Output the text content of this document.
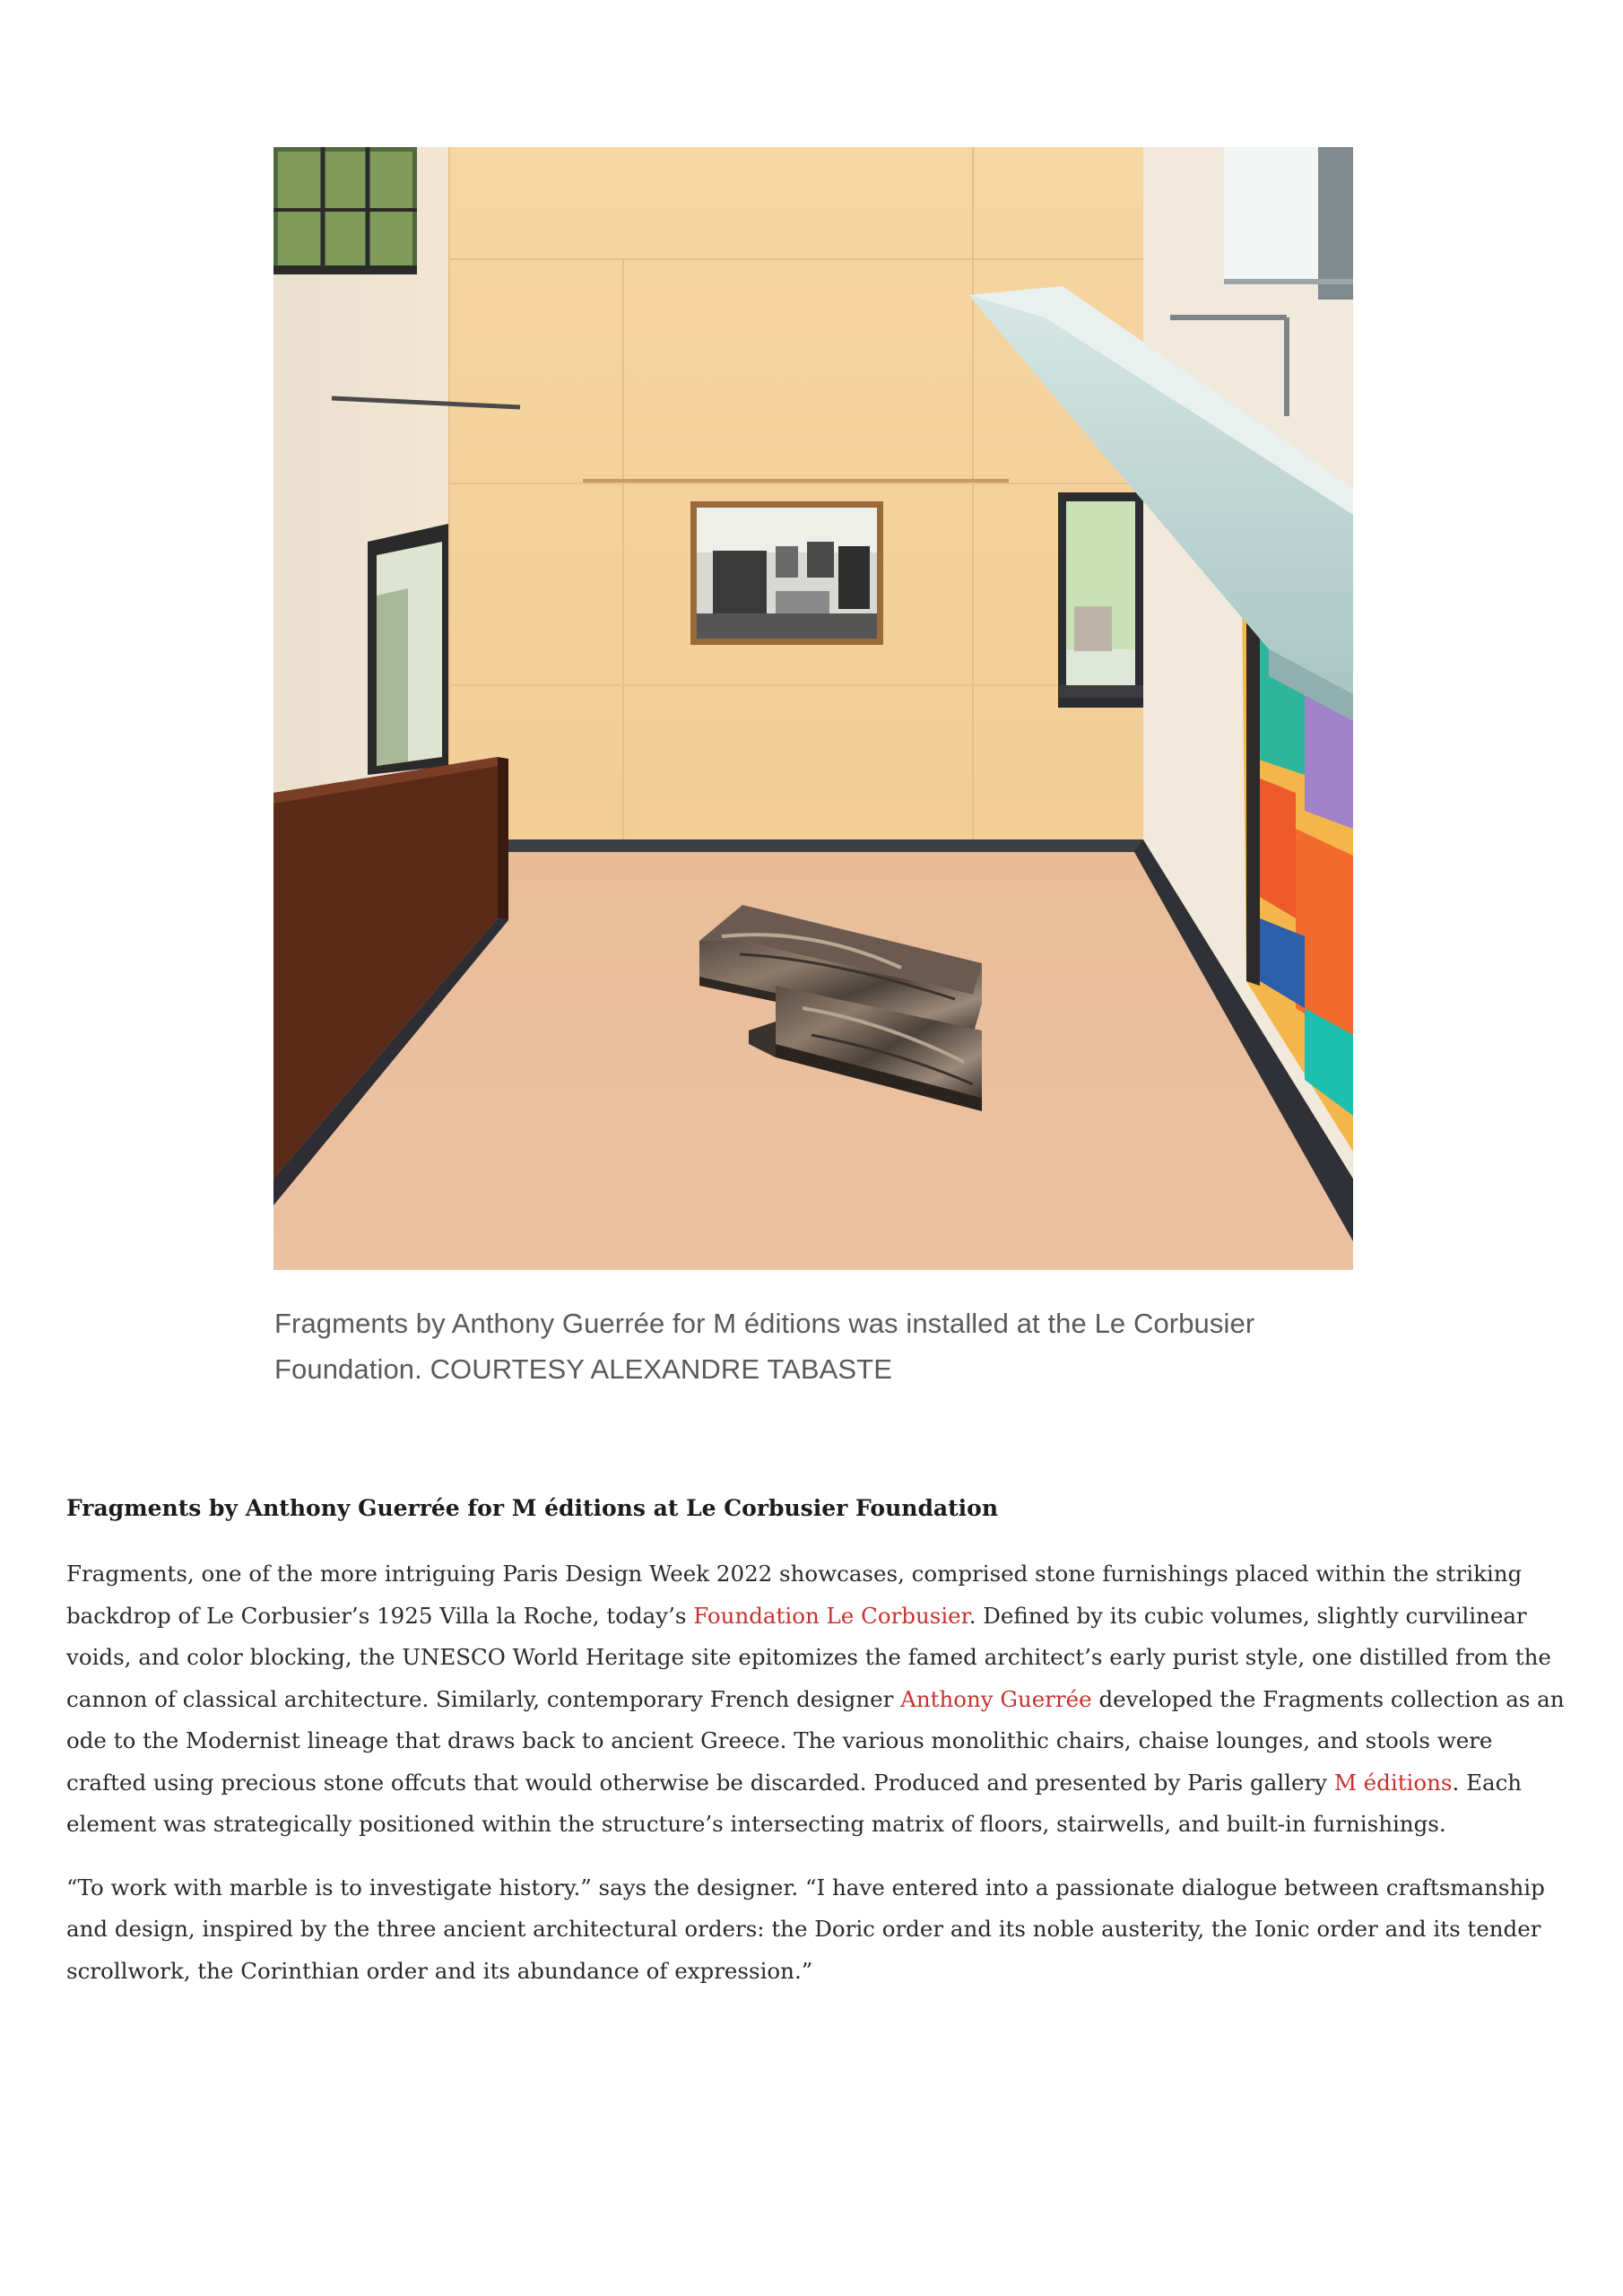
Fragments by Anthony Guerrée for M éditions was installed at the Le Corbusier Foundation. COURTESY ALEXANDRE TABASTE
Fragments by Anthony Guerrée for M éditions at Le Corbusier Foundation

Fragments, one of the more intriguing Paris Design Week 2022 showcases, comprised stone furnishings placed within the striking backdrop of Le Corbusier’s 1925 Villa la Roche, today’s Foundation Le Corbusier. Defined by its cubic volumes, slightly curvilinear voids, and color blocking, the UNESCO World Heritage site epitomizes the famed architect’s early purist style, one distilled from the cannon of classical architecture. Similarly, contemporary French designer Anthony Guerrée developed the Fragments collection as an ode to the Modernist lineage that draws back to ancient Greece. The various monolithic chairs, chaise lounges, and stools were crafted using precious stone offcuts that would otherwise be discarded. Produced and presented by Paris gallery M éditions. Each element was strategically positioned within the structure’s intersecting matrix of floors, stairwells, and built-in furnishings.

“To work with marble is to investigate history.” says the designer. “I have entered into a passionate dialogue between craftsmanship and design, inspired by the three ancient architectural orders: the Doric order and its noble austerity, the Ionic order and its tender scrollwork, the Corinthian order and its abundance of expression.”
